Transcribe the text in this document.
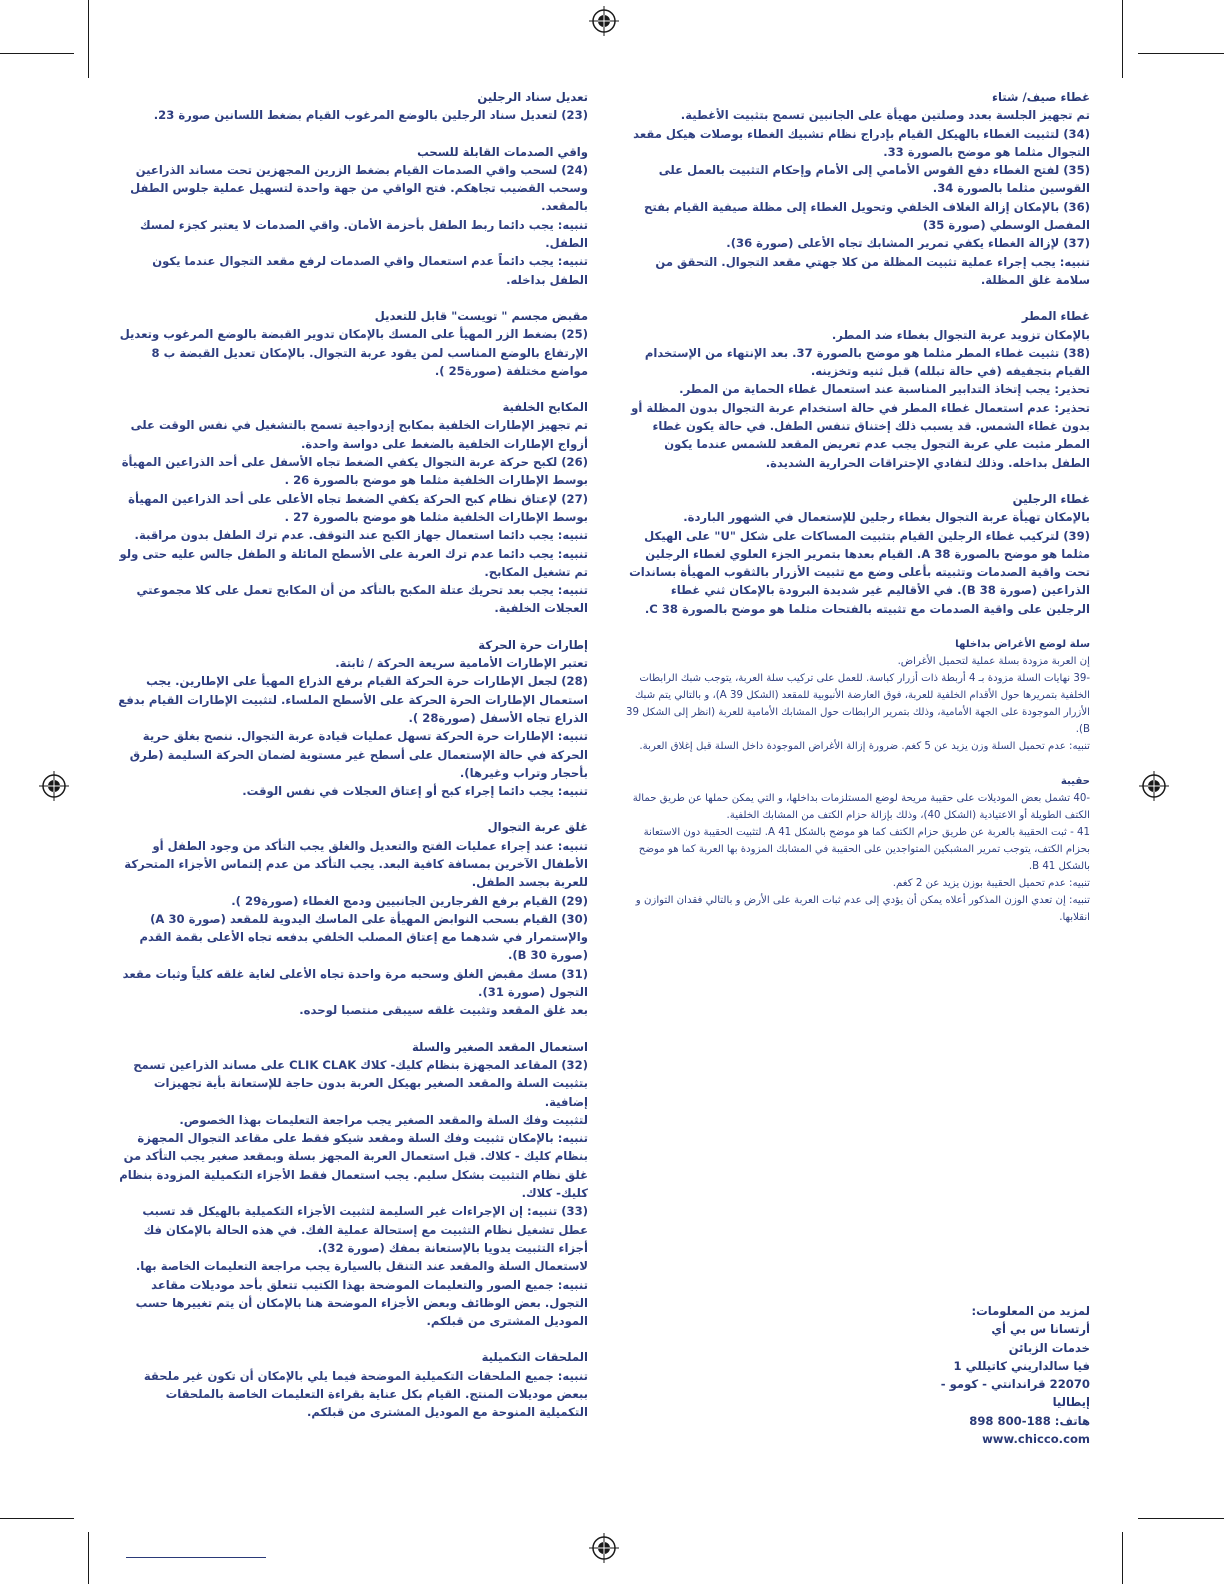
غطاء صيف/ شتاء

تم تجهيز الجلسة بعدد وصلتين مهيأة على الجانبين تسمح بتثبيت الأغطية.

(34) لتثبيت الغطاء بالهيكل القيام بإدراج نظام تشبيك الغطاء بوصلات هيكل مقعد التجوال مثلما هو موضح بالصورة 33.

(35) لفتح الغطاء دفع القوس الأمامي إلى الأمام وإحكام التثبيت بالعمل على القوسين مثلما بالصورة 34.

(36) بالإمكان إزالة الغلاف الخلفي وتحويل الغطاء إلى مظلة صيفية القيام بفتح المفصل الوسطي (صورة 35)

(37) لإزالة الغطاء يكفي تمرير المشابك تجاه الأعلى (صورة 36).

تنبيه: يجب إجراء عملية تثبيت المظلة من كلا جهتي مقعد التجوال. التحقق من سلامة غلق المظلة.

غطاء المطر

بالإمكان تزويد عربة التجوال بغطاء ضد المطر.

(38) تثبيت غطاء المطر مثلما هو موضح بالصورة 37. بعد الإنتهاء من الإستخدام القيام بتجفيفه (في حالة تبلله) قبل ثنيه وتخزينه.

تحذير: يجب إتخاذ التدابير المناسبة عند استعمال غطاء الحماية من المطر.

تحذير: عدم استعمال غطاء المطر في حالة استخدام عربة التجوال بدون المظلة أو بدون غطاء الشمس. قد يسبب ذلك إختناق تنفس الطفل. في حالة يكون غطاء المطر مثبت علي عربة التجول يجب عدم تعريض المقعد للشمس عندما يكون الطفل بداخله. وذلك لتفادي الإحتراقات الحرارية الشديدة.

غطاء الرجلين

بالإمكان تهيأة عربة التجوال بغطاء رجلين للإستعمال في الشهور الباردة.

(39) لتركيب غطاء الرجلين القيام بتثبيت المساكات على شكل "U" على الهيكل مثلما هو موضح بالصورة 38 A. القيام بعدها بتمرير الجزء العلوي لغطاء الرجلين تحت واقية الصدمات وتثبيته بأعلى وضع مع تثبيت الأزرار بالثقوب المهيأة بساندات الذراعين (صورة 38 B). في الأقاليم غير شديدة البرودة بالإمكان ثني غطاء الرجلين على واقية الصدمات مع تثبيته بالفتحات مثلما هو موضح بالصورة 38 C.

سلة لوضع الأغراض بداخلها

إن العربة مزودة بسلة عملية لتحميل الأغراض.

-39 نهايات السلة مزودة بـ 4 أربطة ذات أزرار كباسة. للعمل على تركيب سلة العربة، يتوجب شبك الرابطات الخلفية بتمريرها حول الأقدام الخلفية للعربة، فوق العارضة الأنبوبية للمقعد (الشكل 39 A)، و بالتالي يتم شبك الأزرار الموجودة على الجهة الأمامية، وذلك بتمرير الرابطات حول المشابك الأمامية للعربة (انظر إلى الشكل 39 B).

تنبيه: عدم تحميل السلة وزن يزيد عن 5 كغم. ضرورة إزالة الأغراض الموجودة داخل السلة قبل إغلاق العربة.

حقيبة

-40 تشمل بعض الموديلات على حقيبة مريحة لوضع المستلزمات بداخلها، و التي يمكن حملها عن طريق حمالة الكتف الطويلة أو الاعتيادية (الشكل 40)، وذلك بإزالة حزام الكتف من المشابك الخلفية.

41 - ثبت الحقيبة بالعربة عن طريق حزام الكتف كما هو موضح بالشكل 41 A. لتثبيت الحقيبة دون الاستعانة بحزام الكتف، يتوجب تمرير المشبكين المتواجدين على الحقيبة في المشابك المزودة بها العربة كما هو موضح بالشكل 41 B.

تنبيه: عدم تحميل الحقيبة بوزن يزيد عن 2 كغم.

تنبيه: إن تعدي الوزن المذكور أعلاه يمكن أن يؤدي إلى عدم ثبات العربة على الأرض و بالتالي فقدان التوازن و انقلابها.

تعديل سناد الرجلين

(23) لتعديل سناد الرجلين بالوضع المرغوب القيام بضغط اللسانين صورة 23.

واقي الصدمات القابلة للسحب

(24) لسحب واقي الصدمات القيام بضغط الزرين المجهزين تحت مساند الذراعين وسحب القضيب تجاهكم. فتح الواقي من جهة واحدة لتسهيل عملية جلوس الطفل بالمقعد.

تنبيه: يجب دائما ربط الطفل بأحزمة الأمان. واقي الصدمات لا يعتبر كجزء لمسك الطفل.

تنبيه: يجب دائماً عدم استعمال واقي الصدمات لرفع مقعد التجوال عندما يكون الطفل بداخله.

مقبض مجسم " تويست" قابل للتعديل

(25) بضغط الزر المهيأ على المسك بالإمكان تدوير القبضة بالوضع المرغوب وتعديل الإرتفاع بالوضع المناسب لمن يقود عربة التجوال. بالإمكان تعديل القبضة ب 8 مواضع مختلفة (صورة25 ).

المكابح الخلفية

تم تجهيز الإطارات الخلفية بمكابح إزدواجية تسمح بالتشغيل في نفس الوقت على أزواج الإطارات الخلفية بالضغط على دواسة واحدة.

(26) لكبح حركة عربة التجوال يكفي الضغط تجاه الأسفل على أحد الذراعين المهيأة بوسط الإطارات الخلفية مثلما هو موضح بالصورة 26 .

(27) لإعتاق نظام كبح الحركة يكفي الضغط تجاه الأعلى على أحد الذراعين المهيأة بوسط الإطارات الخلفية مثلما هو موضح بالصورة 27 .

تنبيه: يجب دائما استعمال جهاز الكبح عند التوقف. عدم ترك الطفل بدون مراقبة.

تنبيه: يجب دائما عدم ترك العربة على الأسطح المائلة و الطفل جالس عليه حتى ولو تم تشغيل المكابح.

تنبيه: يجب بعد تحريك عتلة المكبح بالتأكد من أن المكابح تعمل على كلا مجموعتي العجلات الخلفية.

إطارات حرة الحركة

تعتبر الإطارات الأمامية سريعة الحركة / ثابتة.

(28) لجعل الإطارات حرة الحركة القيام برفع الذراع المهيأ على الإطارين. يجب استعمال الإطارات الحرة الحركة على الأسطح الملساء. لتثبيت الإطارات القيام بدفع الذراع تجاه الأسفل (صورة28 ).

تنبيه: الإطارات حرة الحركة تسهل عمليات قيادة عربة التجوال. ننصح بغلق حرية الحركة في حالة الإستعمال على أسطح غير مستوية لضمان الحركة السليمة (طرق بأحجار وتراب وغيرها).

تنبيه: يجب دائما إجراء كبح أو إعتاق العجلات في نفس الوقت.

غلق عربة التجوال

تنبيه: عند إجراء عمليات الفتح والتعديل والغلق يجب التأكد من وجود الطفل أو الأطفال الآخرين بمسافة كافية البعد. يجب التأكد من عدم إلتماس الأجزاء المتحركة للعربة بجسد الطفل.

(29) القيام برفع الفرجارين الجانبيين ودمج الغطاء (صورة29 ).

(30) القيام بسحب النوابض المهيأة على الماسك اليدوية للمقعد (صورة 30 A) والإستمرار في شدهما مع إعتاق المصلب الخلفي بدفعه تجاه الأعلى بقمة القدم (صورة 30 B).

(31) مسك مقبض الغلق وسحبه مرة واحدة تجاه الأعلى لغاية غلقه كلياً وثبات مقعد التجول (صورة 31).

بعد غلق المقعد وتثبيت غلقه سيبقى منتصبا لوحده.

استعمال المقعد الصغير والسلة

(32) المقاعد المجهزة بنظام كليك- كلاك CLIK CLAK على مساند الذراعين تسمح بتثبيت السلة والمقعد الصغير بهيكل العربة بدون حاجة للإستعانة بأية تجهيزات إضافية.

لتثبيت وفك السلة والمقعد الصغير يجب مراجعة التعليمات بهذا الخصوص.

تنبيه: بالإمكان تثبيت وفك السلة ومقعد شيكو فقط على مقاعد التجوال المجهزة بنظام كليك - كلاك. قبل استعمال العربة المجهز بسلة وبمقعد صغير يجب التأكد من غلق نظام التثبيت بشكل سليم. يجب استعمال فقط الأجزاء التكميلية المزودة بنظام كليك- كلاك.

(33) تنبيه: إن الإجراءات غير السليمة لتثبيت الأجزاء التكميلية بالهيكل قد تسبب عطل تشغيل نظام التثبيت مع إستحالة عملية الفك. في هذه الحالة بالإمكان فك أجزاء التثبيت يدويا بالإستعانة بمفك (صورة 32).

لاستعمال السلة والمقعد عند التنقل بالسيارة يجب مراجعة التعليمات الخاصة بها.

تنبيه: جميع الصور والتعليمات الموضحة بهذا الكتيب تتعلق بأحد موديلات مقاعد التجول. بعض الوظائف وبعض الأجزاء الموضحة هنا بالإمكان أن يتم تغييرها حسب الموديل المشترى من قبلكم.

الملحقات التكميلية

تنبيه: جميع الملحقات التكميلية الموضحة فيما يلي بالإمكان أن تكون غير ملحقة ببعض موديلات المنتج. القيام بكل عناية بقراءة التعليمات الخاصة بالملحقات التكميلية المنوحة مع الموديل المشترى من قبلكم.

لمزيد من المعلومات:
أرتسانا س بي أي
خدمات الزبائن
فيا سالداريني كاتيللي 1
22070 قراندانتي - كومو - إيطاليا
هاتف: 188-800 898
www.chicco.com
